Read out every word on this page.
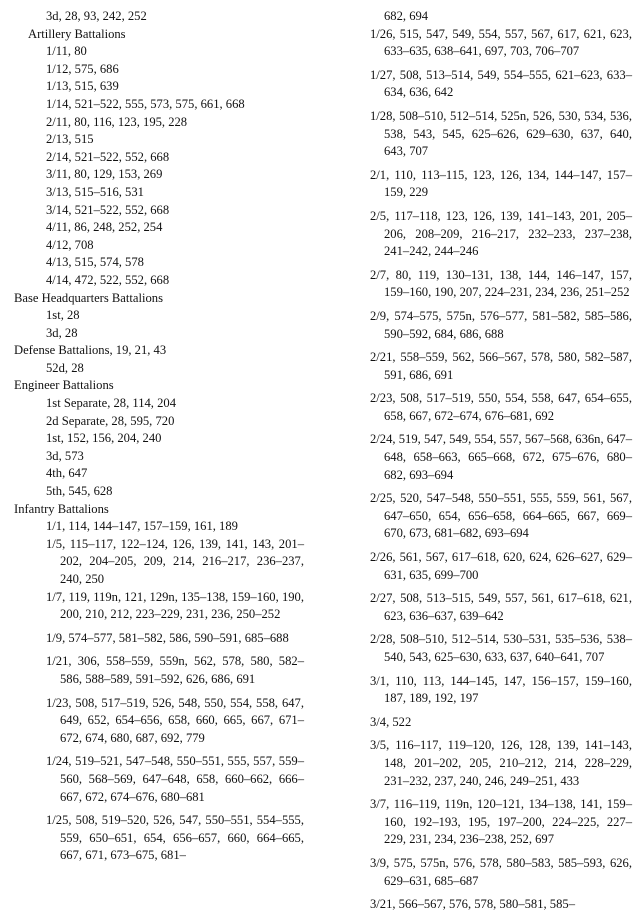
3d, 28, 93, 242, 252
Artillery Battalions
1/11, 80
1/12, 575, 686
1/13, 515, 639
1/14, 521–522, 555, 573, 575, 661, 668
2/11, 80, 116, 123, 195, 228
2/13, 515
2/14, 521–522, 552, 668
3/11, 80, 129, 153, 269
3/13, 515–516, 531
3/14, 521–522, 552, 668
4/11, 86, 248, 252, 254
4/12, 708
4/13, 515, 574, 578
4/14, 472, 522, 552, 668
Base Headquarters Battalions
1st, 28
3d, 28
Defense Battalions, 19, 21, 43
52d, 28
Engineer Battalions
1st Separate, 28, 114, 204
2d Separate, 28, 595, 720
1st, 152, 156, 204, 240
3d, 573
4th, 647
5th, 545, 628
Infantry Battalions
1/1, 114, 144–147, 157–159, 161, 189
1/5, 115–117, 122–124, 126, 139, 141, 143, 201–202, 204–205, 209, 214, 216–217, 236–237, 240, 250
1/7, 119, 119n, 121, 129n, 135–138, 159–160, 190, 200, 210, 212, 223–229, 231, 236, 250–252
1/9, 574–577, 581–582, 586, 590–591, 685–688
1/21, 306, 558–559, 559n, 562, 578, 580, 582–586, 588–589, 591–592, 626, 686, 691
1/23, 508, 517–519, 526, 548, 550, 554, 558, 647, 649, 652, 654–656, 658, 660, 665, 667, 671–672, 674, 680, 687, 692, 779
1/24, 519–521, 547–548, 550–551, 555, 557, 559–560, 568–569, 647–648, 658, 660–662, 666–667, 672, 674–676, 680–681
1/25, 508, 519–520, 526, 547, 550–551, 554–555, 559, 650–651, 654, 656–657, 660, 664–665, 667, 671, 673–675, 681–
682, 694
1/26, 515, 547, 549, 554, 557, 567, 617, 621, 623, 633–635, 638–641, 697, 703, 706–707
1/27, 508, 513–514, 549, 554–555, 621–623, 633–634, 636, 642
1/28, 508–510, 512–514, 525n, 526, 530, 534, 536, 538, 543, 545, 625–626, 629–630, 637, 640, 643, 707
2/1, 110, 113–115, 123, 126, 134, 144–147, 157–159, 229
2/5, 117–118, 123, 126, 139, 141–143, 201, 205–206, 208–209, 216–217, 232–233, 237–238, 241–242, 244–246
2/7, 80, 119, 130–131, 138, 144, 146–147, 157, 159–160, 190, 207, 224–231, 234, 236, 251–252
2/9, 574–575, 575n, 576–577, 581–582, 585–586, 590–592, 684, 686, 688
2/21, 558–559, 562, 566–567, 578, 580, 582–587, 591, 686, 691
2/23, 508, 517–519, 550, 554, 558, 647, 654–655, 658, 667, 672–674, 676–681, 692
2/24, 519, 547, 549, 554, 557, 567–568, 636n, 647–648, 658–663, 665–668, 672, 675–676, 680–682, 693–694
2/25, 520, 547–548, 550–551, 555, 559, 561, 567, 647–650, 654, 656–658, 664–665, 667, 669–670, 673, 681–682, 693–694
2/26, 561, 567, 617–618, 620, 624, 626–627, 629–631, 635, 699–700
2/27, 508, 513–515, 549, 557, 561, 617–618, 621, 623, 636–637, 639–642
2/28, 508–510, 512–514, 530–531, 535–536, 538–540, 543, 625–630, 633, 637, 640–641, 707
3/1, 110, 113, 144–145, 147, 156–157, 159–160, 187, 189, 192, 197
3/4, 522
3/5, 116–117, 119–120, 126, 128, 139, 141–143, 148, 201–202, 205, 210–212, 214, 228–229, 231–232, 237, 240, 246, 249–251, 433
3/7, 116–119, 119n, 120–121, 134–138, 141, 159–160, 192–193, 195, 197–200, 224–225, 227–229, 231, 234, 236–238, 252, 697
3/9, 575, 575n, 576, 578, 580–583, 585–593, 626, 629–631, 685–687
3/21, 566–567, 576, 578, 580–581, 585–
